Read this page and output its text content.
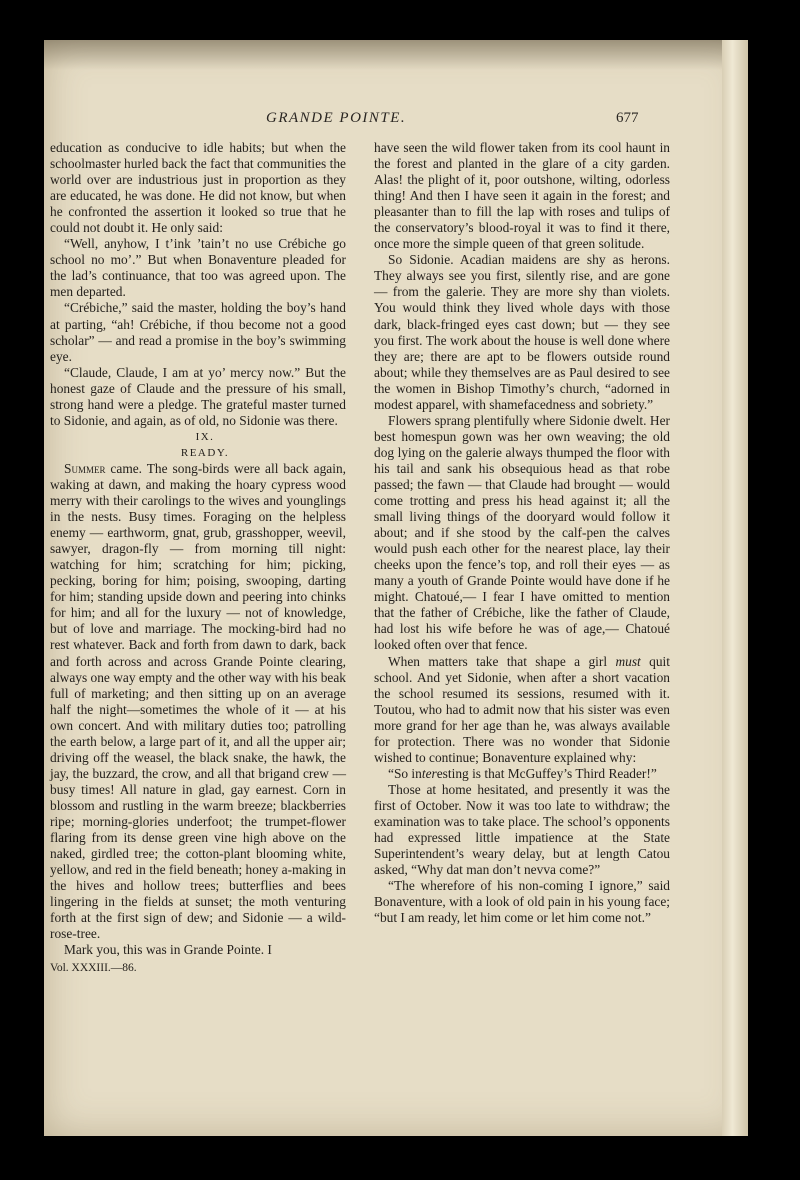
GRANDE POINTE.	677

education as conducive to idle habits; but when the schoolmaster hurled back the fact that communities the world over are industrious just in proportion as they are educated, he was done. He did not know, but when he confronted the assertion it looked so true that he could not doubt it. He only said:

“Well, anyhow, I t’ink ’tain’t no use Crébiche go school no mo’.” But when Bonaventure pleaded for the lad’s continuance, that too was agreed upon. The men departed.

“Crébiche,” said the master, holding the boy’s hand at parting, “ah! Crébiche, if thou become not a good scholar” — and read a promise in the boy’s swimming eye.

“Claude, Claude, I am at yo’ mercy now.” But the honest gaze of Claude and the pressure of his small, strong hand were a pledge. The grateful master turned to Sidonie, and again, as of old, no Sidonie was there.

IX.

READY.

Summer came. The song-birds were all back again, waking at dawn, and making the hoary cypress wood merry with their carolings to the wives and younglings in the nests. Busy times. Foraging on the helpless enemy — earthworm, gnat, grub, grasshopper, weevil, sawyer, dragon-fly — from morning till night: watching for him; scratching for him; picking, pecking, boring for him; poising, swooping, darting for him; standing upside down and peering into chinks for him; and all for the luxury — not of knowledge, but of love and marriage. The mocking-bird had no rest whatever. Back and forth from dawn to dark, back and forth across and across Grande Pointe clearing, always one way empty and the other way with his beak full of marketing; and then sitting up on an average half the night—sometimes the whole of it — at his own concert. And with military duties too; patrolling the earth below, a large part of it, and all the upper air; driving off the weasel, the black snake, the hawk, the jay, the buzzard, the crow, and all that brigand crew — busy times! All nature in glad, gay earnest. Corn in blossom and rustling in the warm breeze; blackberries ripe; morning-glories underfoot; the trumpet-flower flaring from its dense green vine high above on the naked, girdled tree; the cotton-plant blooming white, yellow, and red in the field beneath; honey a-making in the hives and hollow trees; butterflies and bees lingering in the fields at sunset; the moth venturing forth at the first sign of dew; and Sidonie — a wild-rose-tree.

Mark you, this was in Grande Pointe. I

Vol. XXXIII.—86.

have seen the wild flower taken from its cool haunt in the forest and planted in the glare of a city garden. Alas! the plight of it, poor outshone, wilting, odorless thing! And then I have seen it again in the forest; and pleasanter than to fill the lap with roses and tulips of the conservatory’s blood-royal it was to find it there, once more the simple queen of that green solitude.

So Sidonie. Acadian maidens are shy as herons. They always see you first, silently rise, and are gone — from the galerie. They are more shy than violets. You would think they lived whole days with those dark, black-fringed eyes cast down; but — they see you first. The work about the house is well done where they are; there are apt to be flowers outside round about; while they themselves are as Paul desired to see the women in Bishop Timothy’s church, “adorned in modest apparel, with shamefacedness and sobriety.”

Flowers sprang plentifully where Sidonie dwelt. Her best homespun gown was her own weaving; the old dog lying on the galerie always thumped the floor with his tail and sank his obsequious head as that robe passed; the fawn — that Claude had brought — would come trotting and press his head against it; all the small living things of the dooryard would follow it about; and if she stood by the calf-pen the calves would push each other for the nearest place, lay their cheeks upon the fence’s top, and roll their eyes — as many a youth of Grande Pointe would have done if he might. Chatoué,— I fear I have omitted to mention that the father of Crébiche, like the father of Claude, had lost his wife before he was of age,— Chatoué looked often over that fence.

When matters take that shape a girl must quit school. And yet Sidonie, when after a short vacation the school resumed its sessions, resumed with it. Toutou, who had to admit now that his sister was even more grand for her age than he, was always available for protection. There was no wonder that Sidonie wished to continue; Bonaventure explained why:

“So interesting is that McGuffey’s Third Reader!”

Those at home hesitated, and presently it was the first of October. Now it was too late to withdraw; the examination was to take place. The school’s opponents had expressed little impatience at the State Superintendent’s weary delay, but at length Catou asked, “Why dat man don’t nevva come?”

“The wherefore of his non-coming I ignore,” said Bonaventure, with a look of old pain in his young face; “but I am ready, let him come or let him come not.”
